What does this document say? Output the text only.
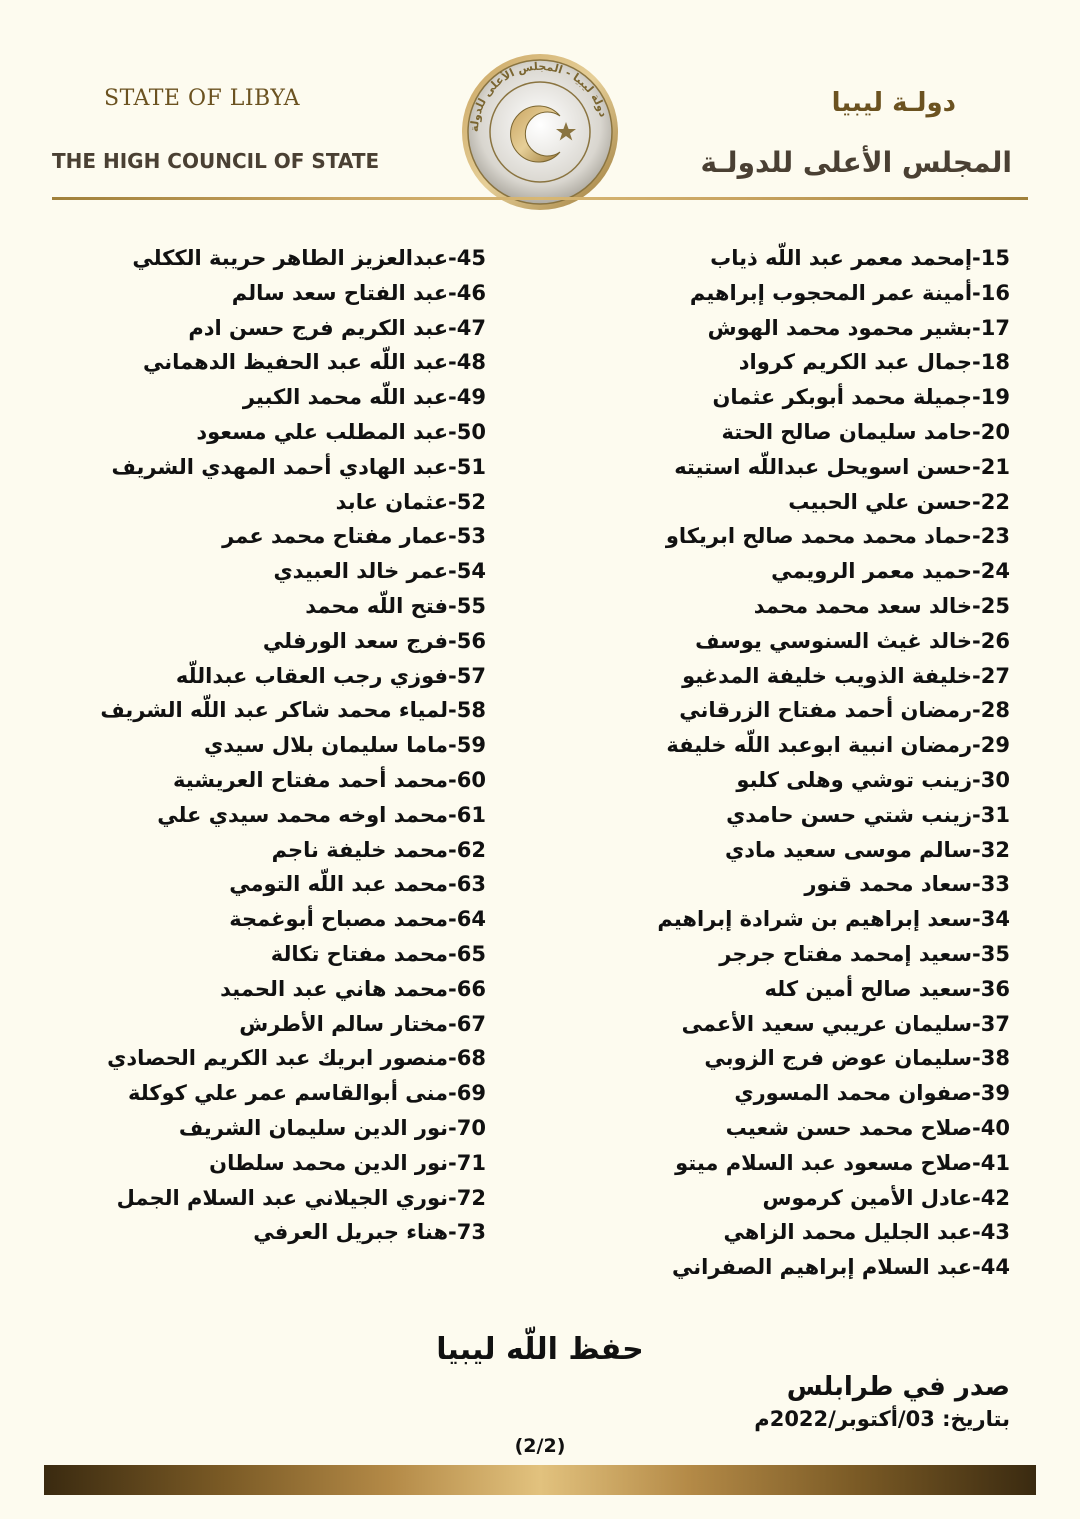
STATE OF LIBYA
THE HIGH COUNCIL OF STATE
دولـة ليبيا
المجلس الأعلى للدولـة
دولة ليبيا - المجلس الأعلى للدولة
15-إمحمد معمر عبد اللّه ذياب
16-أمينة عمر المحجوب إبراهيم
17-بشير محمود محمد الهوش
18-جمال عبد الكريم كرواد
19-جميلة محمد أبوبكر عثمان
20-حامد سليمان صالح الحتة
21-حسن اسويحل عبداللّه استيته
22-حسن علي الحبيب
23-حماد محمد محمد صالح ابريكاو
24-حميد معمر الرويمي
25-خالد سعد محمد محمد
26-خالد غيث السنوسي يوسف
27-خليفة الذويب خليفة المدغيو
28-رمضان أحمد مفتاح الزرقاني
29-رمضان انبية ابوعبد اللّه خليفة
30-زينب توشي وهلى كلبو
31-زينب شتي حسن حامدي
32-سالم موسى سعيد مادي
33-سعاد محمد قنور
34-سعد إبراهيم بن شرادة إبراهيم
35-سعيد إمحمد مفتاح جرجر
36-سعيد صالح أمين كله
37-سليمان عريبي سعيد الأعمى
38-سليمان عوض فرج الزوبي
39-صفوان محمد المسوري
40-صلاح محمد حسن شعيب
41-صلاح مسعود عبد السلام ميتو
42-عادل الأمين كرموس
43-عبد الجليل محمد الزاهي
44-عبد السلام إبراهيم الصفراني
45-عبدالعزيز الطاهر حريبة الككلي
46-عبد الفتاح سعد سالم
47-عبد الكريم فرج حسن ادم
48-عبد اللّه عبد الحفيظ الدهماني
49-عبد اللّه محمد الكبير
50-عبد المطلب علي مسعود
51-عبد الهادي أحمد المهدي الشريف
52-عثمان عابد
53-عمار مفتاح محمد عمر
54-عمر خالد العبيدي
55-فتح اللّه محمد
56-فرج سعد الورفلي
57-فوزي رجب العقاب عبداللّه
58-لمياء محمد شاكر عبد اللّه الشريف
59-ماما سليمان بلال سيدي
60-محمد أحمد مفتاح العريشية
61-محمد اوخه محمد سيدي علي
62-محمد خليفة ناجم
63-محمد عبد اللّه التومي
64-محمد مصباح أبوغمجة
65-محمد مفتاح تكالة
66-محمد هاني عبد الحميد
67-مختار سالم الأطرش
68-منصور ابريك عبد الكريم الحصادي
69-منى أبوالقاسم عمر علي كوكلة
70-نور الدين سليمان الشريف
71-نور الدين محمد سلطان
72-نوري الجيلاني عبد السلام الجمل
73-هناء جبريل العرفي
حفظ اللّه ليبيا
صدر في طرابلس
بتاريخ: 03/أكتوبر/2022م
(2/2)
